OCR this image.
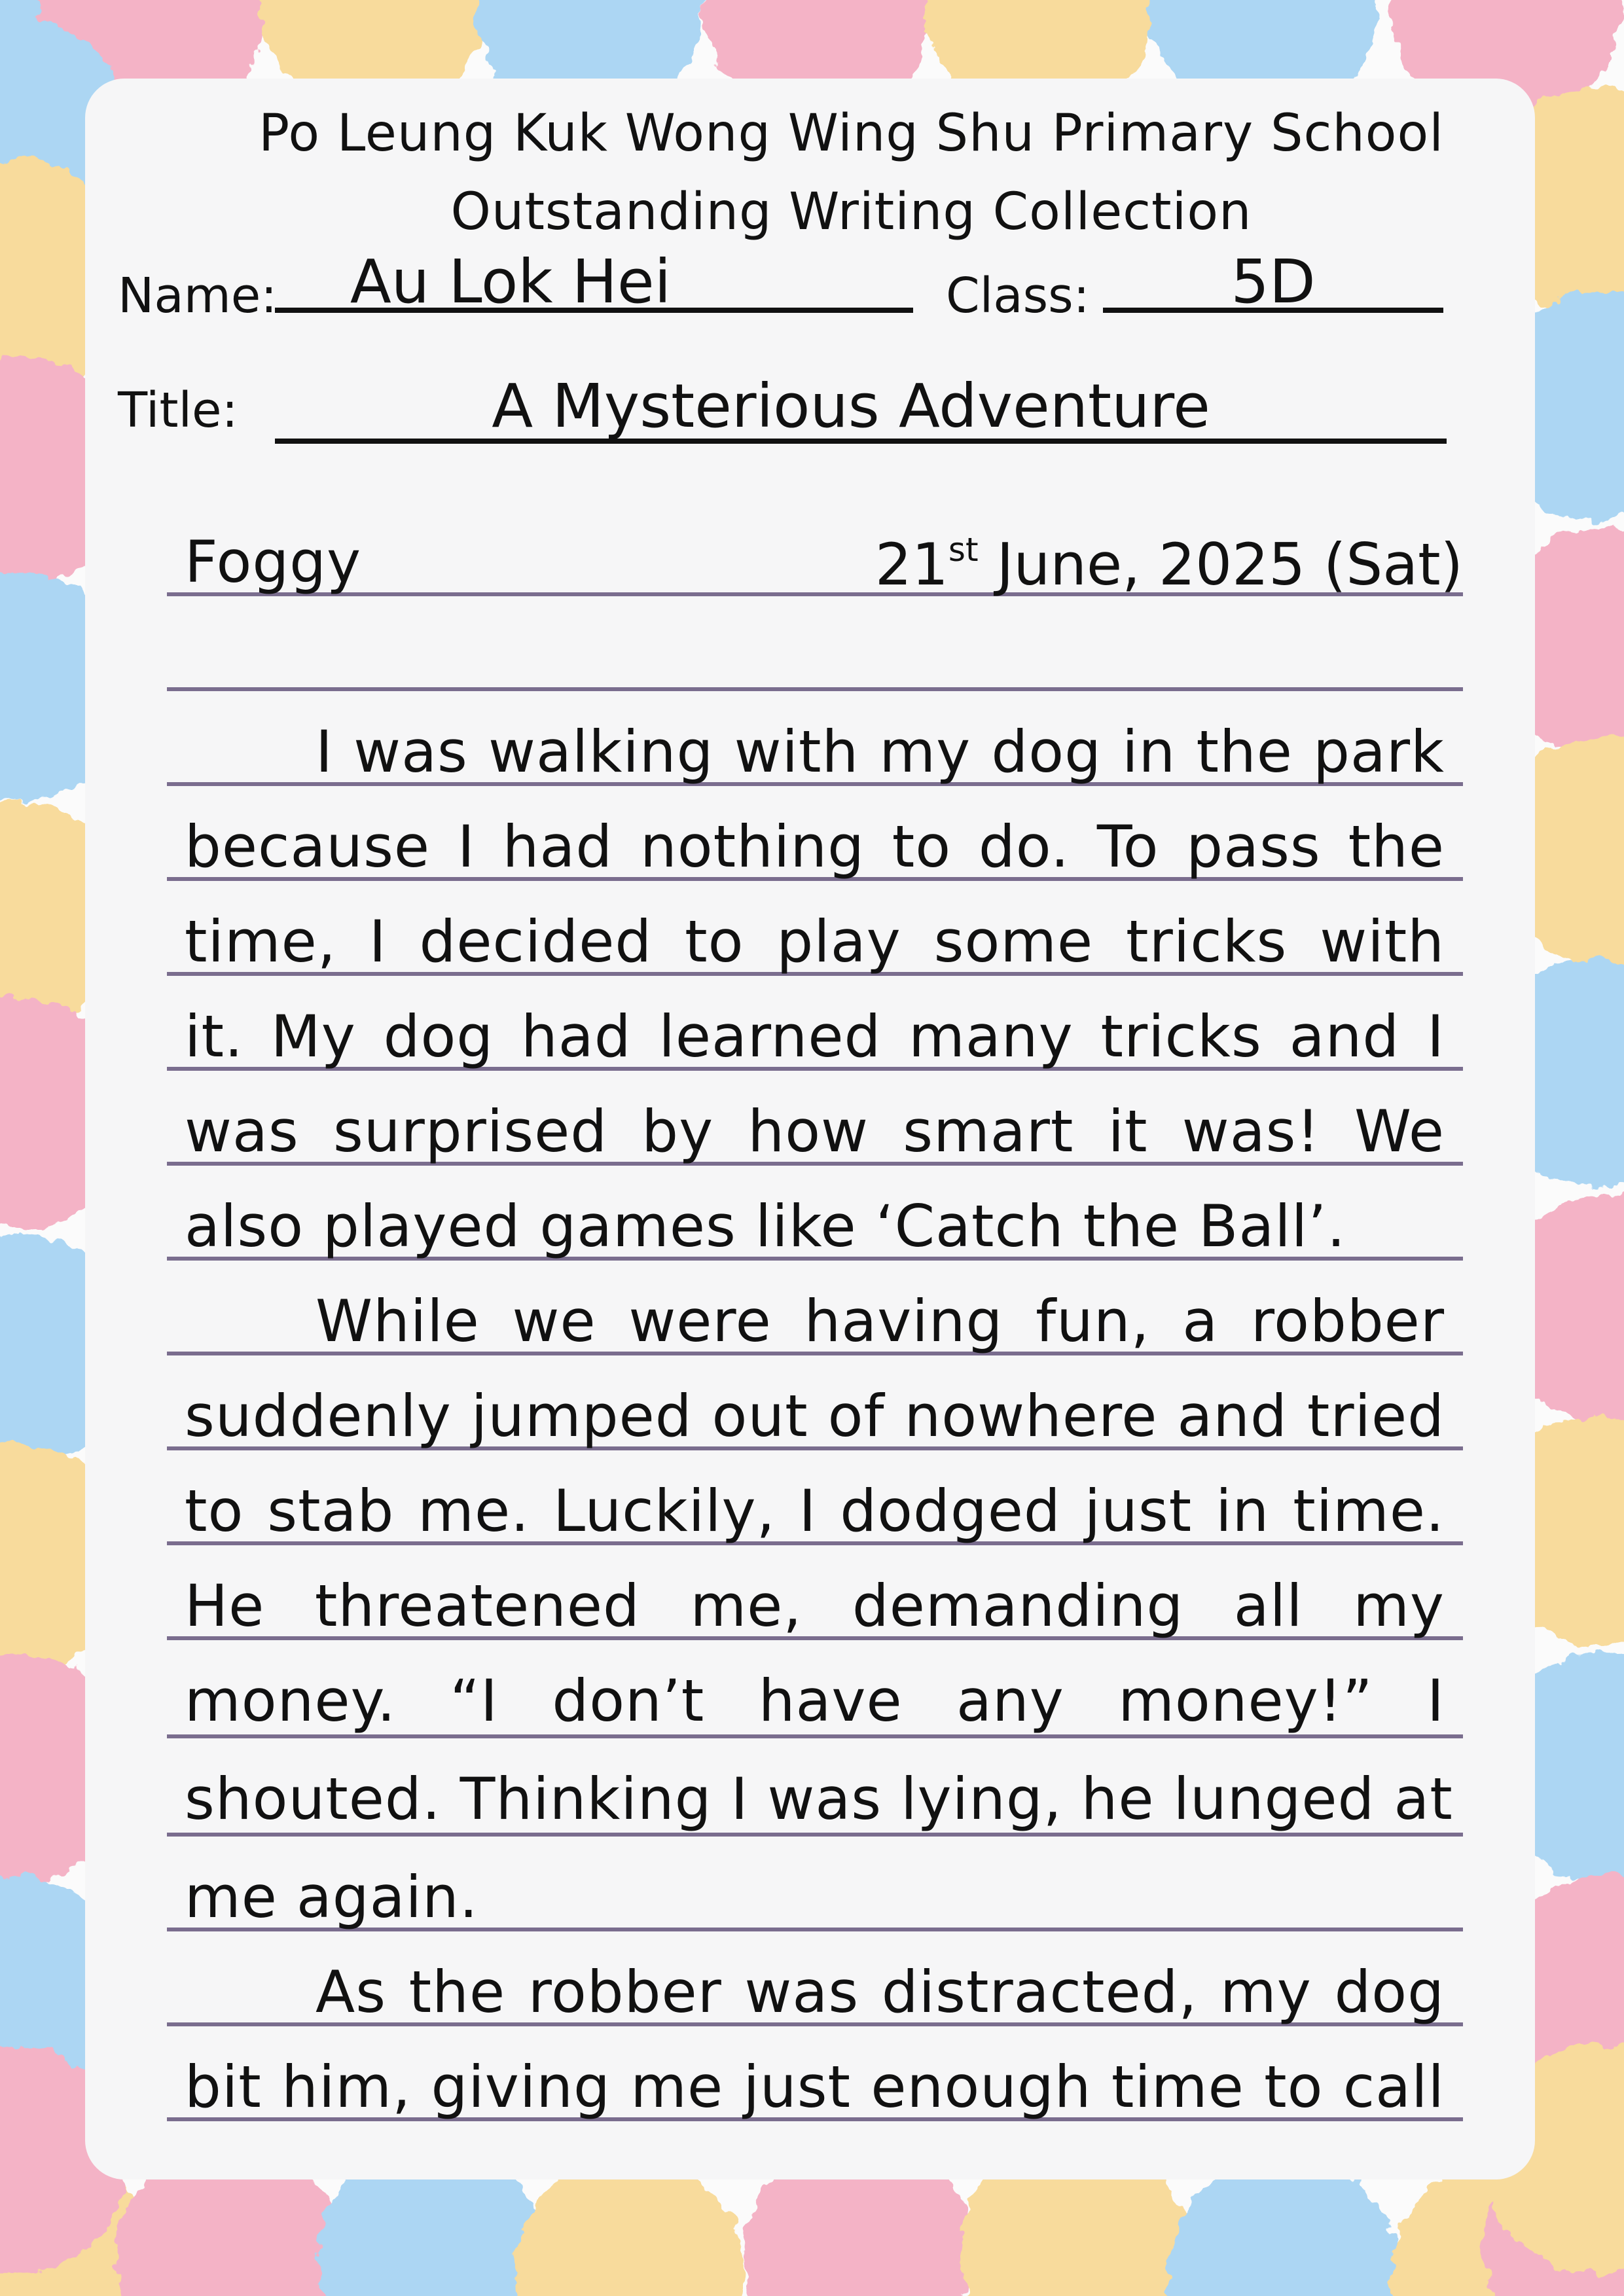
Po Leung Kuk Wong Wing Shu Primary School
Outstanding Writing Collection
Name:	Au Lok Hei	Class:	5D
Title:	A Mysterious Adventure
Foggy	21st June, 2025 (Sat)
I was walking with my dog in the park
because I had nothing to do. To pass the
time, I decided to play some tricks with
it. My dog had learned many tricks and I
was surprised by how smart it was! We
also played games like ‘Catch the Ball’.
While we were having fun, a robber
suddenly jumped out of nowhere and tried
to stab me. Luckily, I dodged just in time.
He threatened me, demanding all my
money. “I don’t have any money!” I
shouted. Thinking I was lying, he lunged at
me again.
As the robber was distracted, my dog
bit him, giving me just enough time to call
